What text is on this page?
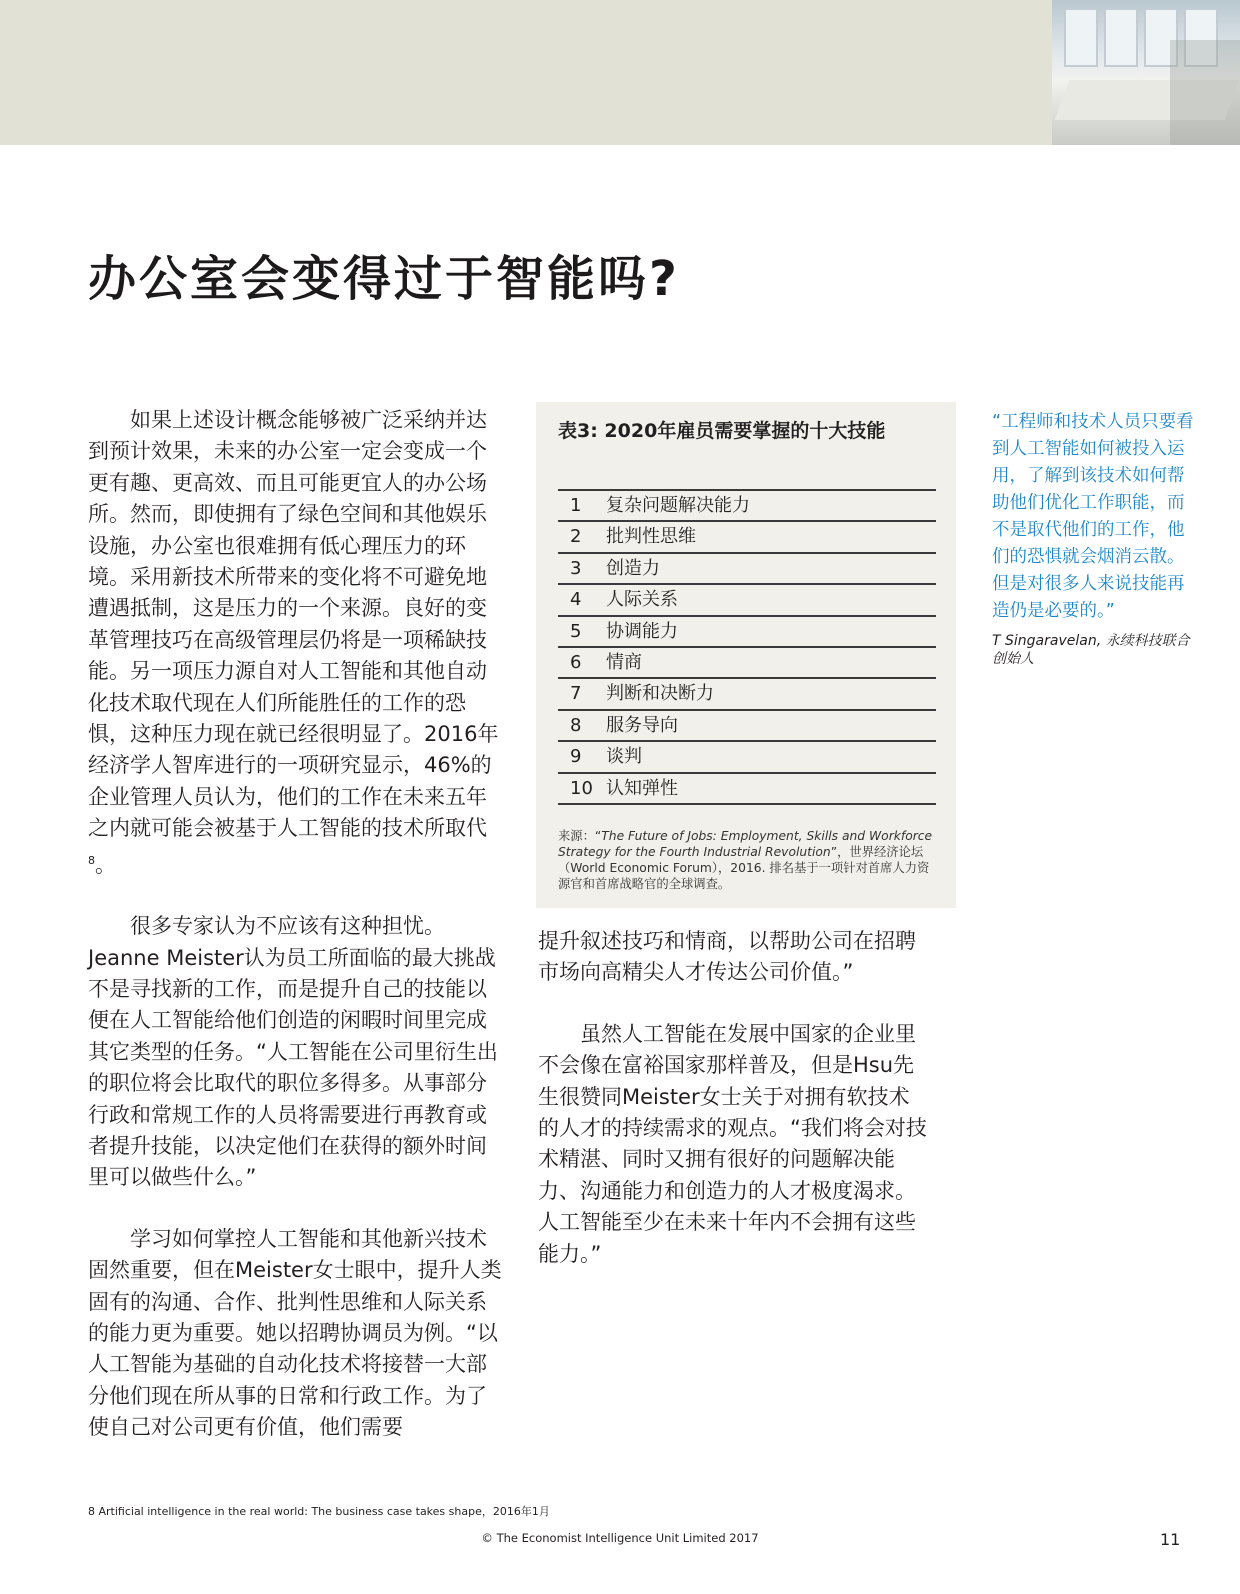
办公室会变得过于智能吗?

如果上述设计概念能够被广泛采纳并达到预计效果，未来的办公室一定会变成一个更有趣、更高效、而且可能更宜人的办公场所。然而，即使拥有了绿色空间和其他娱乐设施，办公室也很难拥有低心理压力的环境。采用新技术所带来的变化将不可避免地遭遇抵制，这是压力的一个来源。良好的变革管理技巧在高级管理层仍将是一项稀缺技能。另一项压力源自对人工智能和其他自动化技术取代现在人们所能胜任的工作的恐惧，这种压力现在就已经很明显了。2016年经济学人智库进行的一项研究显示，46%的企业管理人员认为，他们的工作在未来五年之内就可能会被基于人工智能的技术所取代$^8$。

很多专家认为不应该有这种担忧。Jeanne Meister认为员工所面临的最大挑战不是寻找新的工作，而是提升自己的技能以便在人工智能给他们创造的闲暇时间里完成其它类型的任务。“人工智能在公司里衍生出的职位将会比取代的职位多得多。从事部分行政和常规工作的人员将需要进行再教育或者提升技能，以决定他们在获得的额外时间里可以做些什么。”

学习如何掌控人工智能和其他新兴技术固然重要，但在Meister女士眼中，提升人类固有的沟通、合作、批判性思维和人际关系的能力更为重要。她以招聘协调员为例。“以人工智能为基础的自动化技术将接替一大部分他们现在所从事的日常和行政工作。为了使自己对公司更有价值，他们需要

表3: 2020年雇员需要掌握的十大技能
1	复杂问题解决能力
2	批判性思维
3	创造力
4	人际关系
5	协调能力
6	情商
7	判断和决断力
8	服务导向
9	谈判
10 认知弹性

来源：“The Future of Jobs: Employment, Skills and Workforce Strategy for the Fourth Industrial Revolution”，世界经济论坛（World Economic Forum），2016. 排名基于一项针对首席人力资源官和首席战略官的全球调查。

提升叙述技巧和情商，以帮助公司在招聘市场向高精尖人才传达公司价值。”

虽然人工智能在发展中国家的企业里不会像在富裕国家那样普及，但是Hsu先生很赞同Meister女士关于对拥有软技术的人才的持续需求的观点。“我们将会对技术精湛、同时又拥有很好的问题解决能力、沟通能力和创造力的人才极度渴求。人工智能至少在未来十年内不会拥有这些能力。”

“工程师和技术人员只要看到人工智能如何被投入运用，了解到该技术如何帮助他们优化工作职能，而不是取代他们的工作，他们的恐惧就会烟消云散。但是对很多人来说技能再造仍是必要的。”

T Singaravelan, 永续科技联合创始人

8 Artificial intelligence in the real world: The business case takes shape，2016年1月
© The Economist Intelligence Unit Limited 2017	11
